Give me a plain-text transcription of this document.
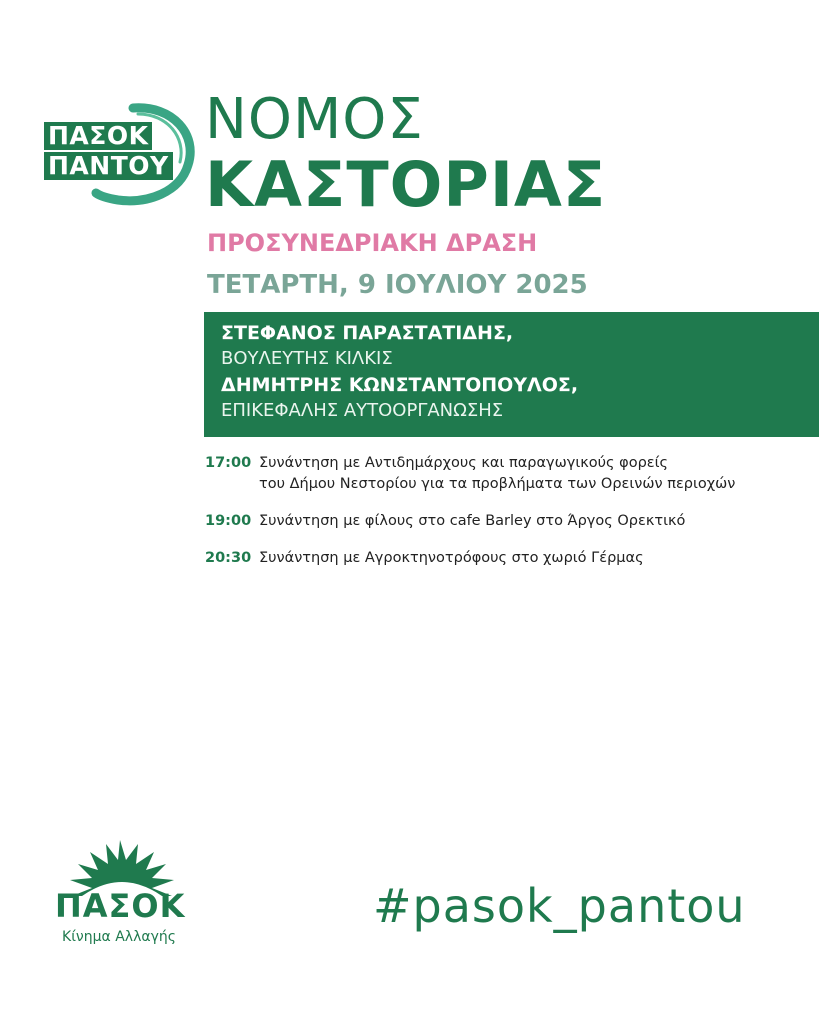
ΠΑΣΟΚ
ΠΑΝΤΟΥ
ΝΟΜΟΣ
ΚΑΣΤΟΡΙΑΣ
ΠΡΟΣΥΝΕΔΡΙΑΚΗ ΔΡΑΣΗ
ΤΕΤΑΡΤΗ, 9 ΙΟΥΛΙΟΥ 2025
ΣΤΕΦΑΝΟΣ ΠΑΡΑΣΤΑΤΙΔΗΣ,
ΒΟΥΛΕΥΤΗΣ ΚΙΛΚΙΣ
ΔΗΜΗΤΡΗΣ ΚΩΝΣΤΑΝΤΟΠΟΥΛΟΣ,
ΕΠΙΚΕΦΑΛΗΣ ΑΥΤΟΟΡΓΑΝΩΣΗΣ
17:00 Συνάντηση με Αντιδημάρχους και παραγωγικούς φορείς
του Δήμου Νεστορίου για τα προβλήματα των Ορεινών περιοχών
19:00 Συνάντηση με φίλους στο cafe Barley στο Άργος Ορεκτικό
20:30 Συνάντηση με Αγροκτηνοτρόφους στο χωριό Γέρμας
ΠΑΣΟΚ
Κίνημα Αλλαγής
#pasok_pantou
